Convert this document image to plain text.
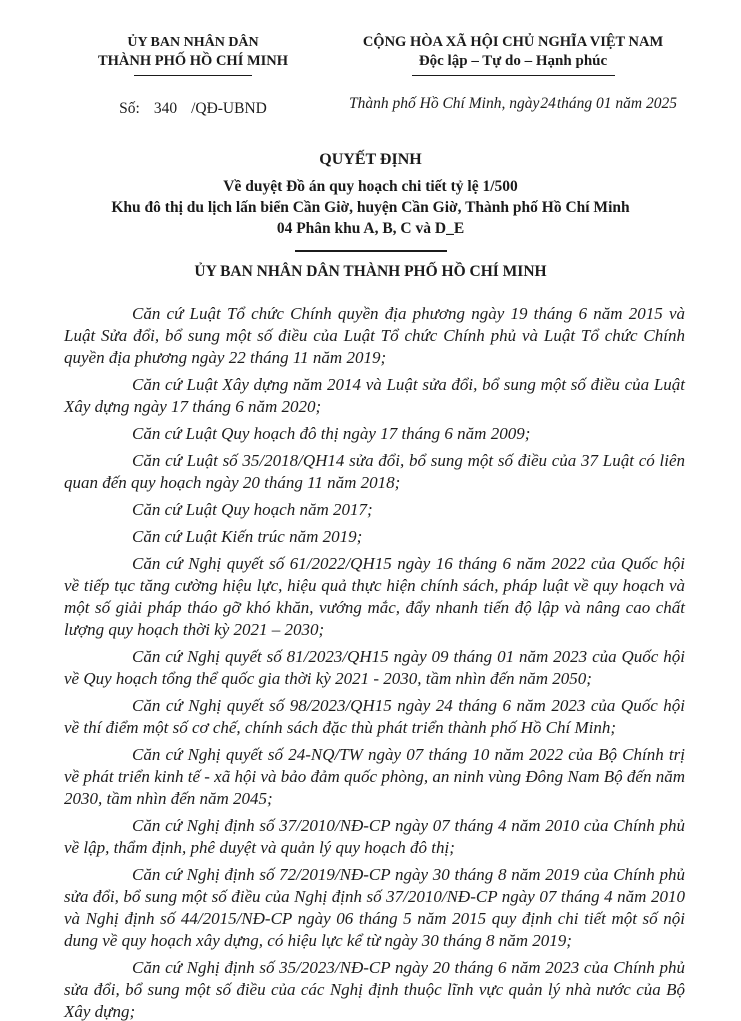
ỦY BAN NHÂN DÂN
THÀNH PHỐ HỒ CHÍ MINH
Số: 340 /QĐ-UBND
CỘNG HÒA XÃ HỘI CHỦ NGHĨA VIỆT NAM
Độc lập – Tự do – Hạnh phúc
Thành phố Hồ Chí Minh, ngày24tháng 01 năm 2025
QUYẾT ĐỊNH
Về duyệt Đồ án quy hoạch chi tiết tỷ lệ 1/500
Khu đô thị du lịch lấn biển Cần Giờ, huyện Cần Giờ, Thành phố Hồ Chí Minh
04 Phân khu A, B, C và D_E
ỦY BAN NHÂN DÂN THÀNH PHỐ HỒ CHÍ MINH

Căn cứ Luật Tổ chức Chính quyền địa phương ngày 19 tháng 6 năm 2015 và Luật Sửa đổi, bổ sung một số điều của Luật Tổ chức Chính phủ và Luật Tổ chức Chính quyền địa phương ngày 22 tháng 11 năm 2019;

Căn cứ Luật Xây dựng năm 2014 và Luật sửa đổi, bổ sung một số điều của Luật Xây dựng ngày 17 tháng 6 năm 2020;

Căn cứ Luật Quy hoạch đô thị ngày 17 tháng 6 năm 2009;

Căn cứ Luật số 35/2018/QH14 sửa đổi, bổ sung một số điều của 37 Luật có liên quan đến quy hoạch ngày 20 tháng 11 năm 2018;

Căn cứ Luật Quy hoạch năm 2017;

Căn cứ Luật Kiến trúc năm 2019;

Căn cứ Nghị quyết số 61/2022/QH15 ngày 16 tháng 6 năm 2022 của Quốc hội về tiếp tục tăng cường hiệu lực, hiệu quả thực hiện chính sách, pháp luật về quy hoạch và một số giải pháp tháo gỡ khó khăn, vướng mắc, đẩy nhanh tiến độ lập và nâng cao chất lượng quy hoạch thời kỳ 2021 – 2030;

Căn cứ Nghị quyết số 81/2023/QH15 ngày 09 tháng 01 năm 2023 của Quốc hội về Quy hoạch tổng thể quốc gia thời kỳ 2021 - 2030, tầm nhìn đến năm 2050;

Căn cứ Nghị quyết số 98/2023/QH15 ngày 24 tháng 6 năm 2023 của Quốc hội về thí điểm một số cơ chế, chính sách đặc thù phát triển thành phố Hồ Chí Minh;

Căn cứ Nghị quyết số 24-NQ/TW ngày 07 tháng 10 năm 2022 của Bộ Chính trị về phát triển kinh tế - xã hội và bảo đảm quốc phòng, an ninh vùng Đông Nam Bộ đến năm 2030, tầm nhìn đến năm 2045;

Căn cứ Nghị định số 37/2010/NĐ-CP ngày 07 tháng 4 năm 2010 của Chính phủ về lập, thẩm định, phê duyệt và quản lý quy hoạch đô thị;

Căn cứ Nghị định số 72/2019/NĐ-CP ngày 30 tháng 8 năm 2019 của Chính phủ sửa đổi, bổ sung một số điều của Nghị định số 37/2010/NĐ-CP ngày 07 tháng 4 năm 2010 và Nghị định số 44/2015/NĐ-CP ngày 06 tháng 5 năm 2015 quy định chi tiết một số nội dung về quy hoạch xây dựng, có hiệu lực kể từ ngày 30 tháng 8 năm 2019;

Căn cứ Nghị định số 35/2023/NĐ-CP ngày 20 tháng 6 năm 2023 của Chính phủ sửa đổi, bổ sung một số điều của các Nghị định thuộc lĩnh vực quản lý nhà nước của Bộ Xây dựng;
